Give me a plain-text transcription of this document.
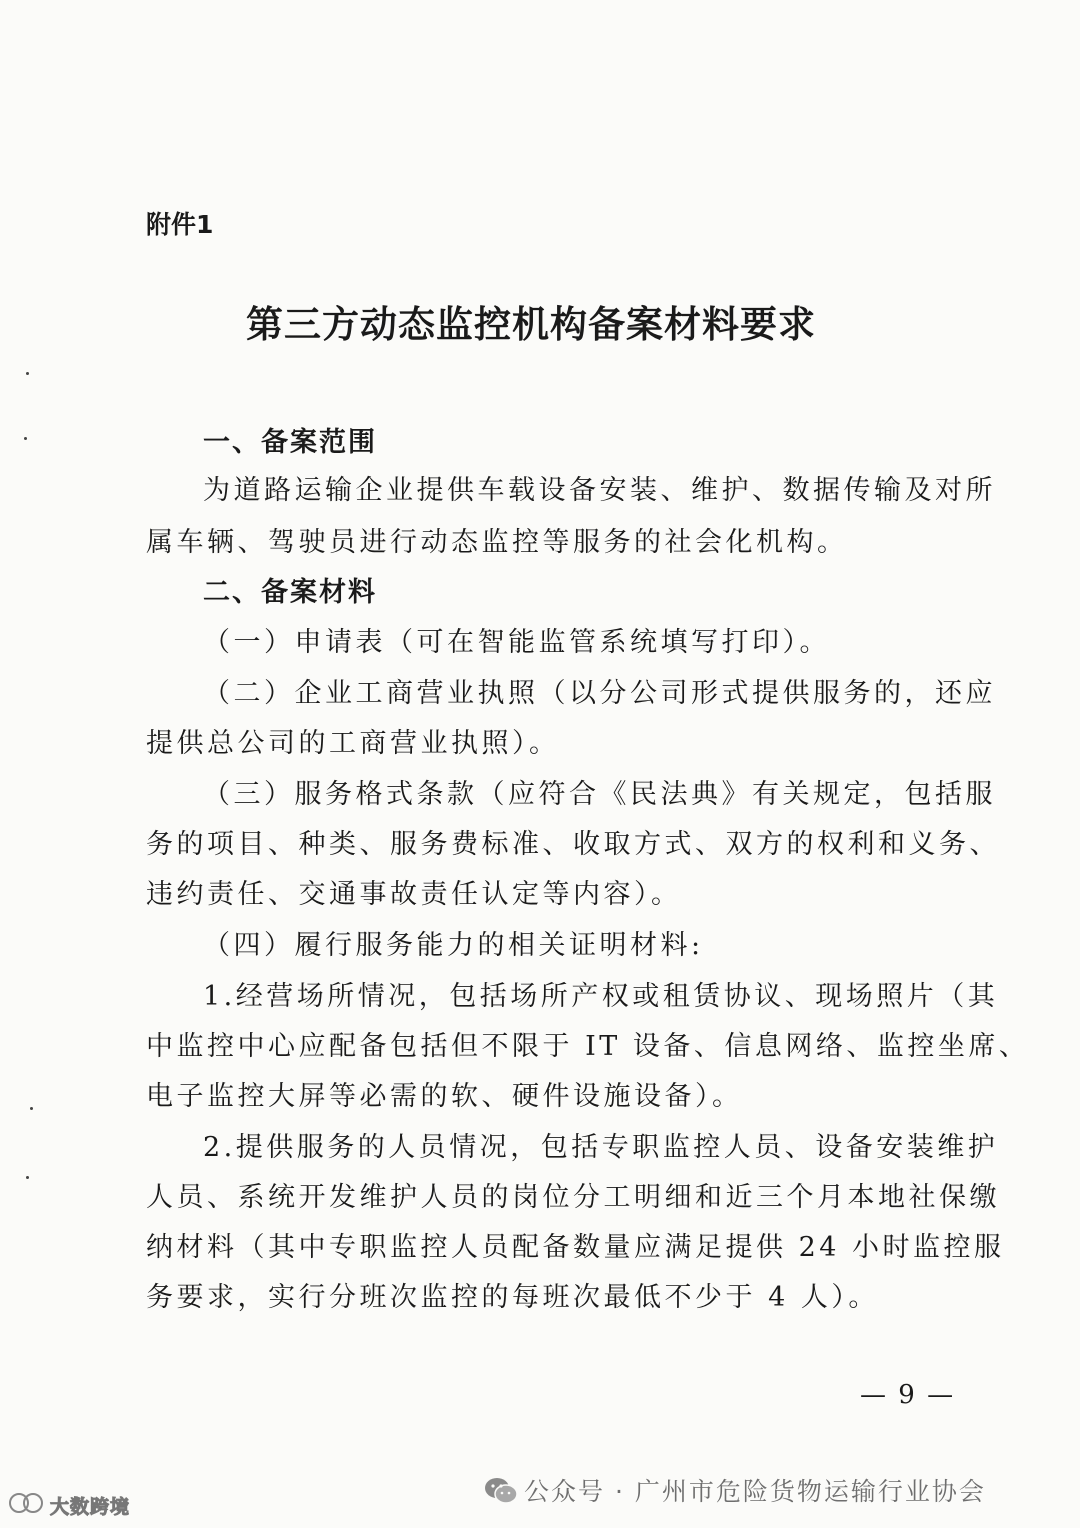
附件1
第三方动态监控机构备案材料要求
一、备案范围
为道路运输企业提供车载设备安装、维护、数据传输及对所
属车辆、驾驶员进行动态监控等服务的社会化机构。
二、备案材料
（一）申请表（可在智能监管系统填写打印）。
（二）企业工商营业执照（以分公司形式提供服务的，还应
提供总公司的工商营业执照）。
（三）服务格式条款（应符合《民法典》有关规定，包括服
务的项目、种类、服务费标准、收取方式、双方的权利和义务、
违约责任、交通事故责任认定等内容）。
（四）履行服务能力的相关证明材料:
1.经营场所情况，包括场所产权或租赁协议、现场照片（其
中监控中心应配备包括但不限于 IT 设备、信息网络、监控坐席、
电子监控大屏等必需的软、硬件设施设备）。
2.提供服务的人员情况，包括专职监控人员、设备安装维护
人员、系统开发维护人员的岗位分工明细和近三个月本地社保缴
纳材料（其中专职监控人员配备数量应满足提供 24 小时监控服
务要求，实行分班次监控的每班次最低不少于 4 人）。
— 9 —
公众号 · 广州市危险货物运输行业协会
大数跨境
